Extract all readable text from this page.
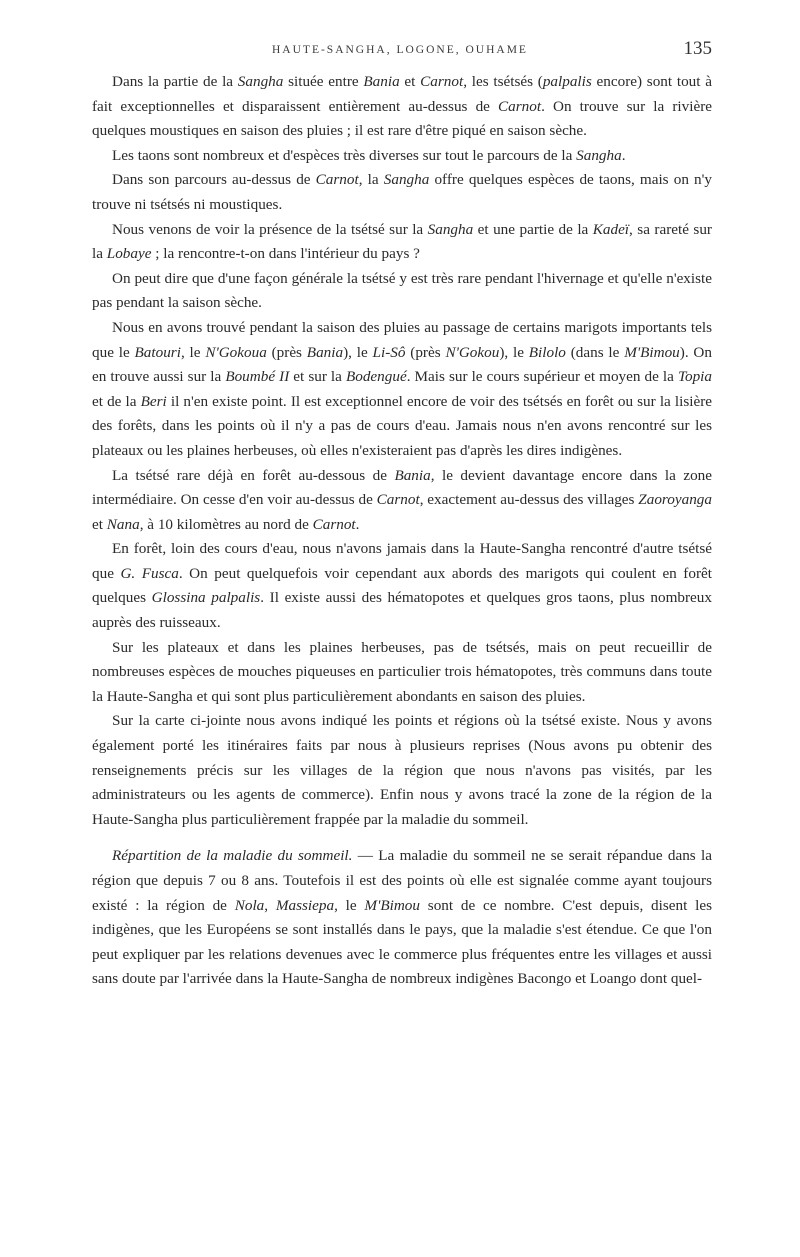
HAUTE-SANGHA, LOGONE, OUHAME	135

Dans la partie de la Sangha située entre Bania et Carnot, les tsétsés (palpalis encore) sont tout à fait exceptionnelles et disparaissent entièrement au-dessus de Carnot. On trouve sur la rivière quelques moustiques en saison des pluies ; il est rare d'être piqué en saison sèche.

Les taons sont nombreux et d'espèces très diverses sur tout le parcours de la Sangha.

Dans son parcours au-dessus de Carnot, la Sangha offre quelques espèces de taons, mais on n'y trouve ni tsétsés ni moustiques.

Nous venons de voir la présence de la tsétsé sur la Sangha et une partie de la Kadeï, sa rareté sur la Lobaye ; la rencontre-t-on dans l'intérieur du pays ?

On peut dire que d'une façon générale la tsétsé y est très rare pendant l'hivernage et qu'elle n'existe pas pendant la saison sèche.

Nous en avons trouvé pendant la saison des pluies au passage de certains marigots importants tels que le Batouri, le N'Gokoua (près Bania), le Li-Sô (près N'Gokou), le Bilolo (dans le M'Bimou). On en trouve aussi sur la Boumbé II et sur la Bodengué. Mais sur le cours supérieur et moyen de la Topia et de la Beri il n'en existe point. Il est exceptionnel encore de voir des tsétsés en forêt ou sur la lisière des forêts, dans les points où il n'y a pas de cours d'eau. Jamais nous n'en avons rencontré sur les plateaux ou les plaines herbeuses, où elles n'existeraient pas d'après les dires indigènes.

La tsétsé rare déjà en forêt au-dessous de Bania, le devient davantage encore dans la zone intermédiaire. On cesse d'en voir au-dessus de Carnot, exactement au-dessus des villages Zaoroyanga et Nana, à 10 kilomètres au nord de Carnot.

En forêt, loin des cours d'eau, nous n'avons jamais dans la Haute-Sangha rencontré d'autre tsétsé que G. Fusca. On peut quelquefois voir cependant aux abords des marigots qui coulent en forêt quelques Glossina palpalis. Il existe aussi des hématopotes et quelques gros taons, plus nombreux auprès des ruisseaux.

Sur les plateaux et dans les plaines herbeuses, pas de tsétsés, mais on peut recueillir de nombreuses espèces de mouches piqueuses en particulier trois hématopotes, très communs dans toute la Haute-Sangha et qui sont plus particulièrement abondants en saison des pluies.

Sur la carte ci-jointe nous avons indiqué les points et régions où la tsétsé existe. Nous y avons également porté les itinéraires faits par nous à plusieurs reprises (Nous avons pu obtenir des renseignements précis sur les villages de la région que nous n'avons pas visités, par les administrateurs ou les agents de commerce). Enfin nous y avons tracé la zone de la région de la Haute-Sangha plus particulièrement frappée par la maladie du sommeil.

Répartition de la maladie du sommeil. — La maladie du sommeil ne se serait répandue dans la région que depuis 7 ou 8 ans. Toutefois il est des points où elle est signalée comme ayant toujours existé : la région de Nola, Massiepa, le M'Bimou sont de ce nombre. C'est depuis, disent les indigènes, que les Européens se sont installés dans le pays, que la maladie s'est étendue. Ce que l'on peut expliquer par les relations devenues avec le commerce plus fréquentes entre les villages et aussi sans doute par l'arrivée dans la Haute-Sangha de nombreux indigènes Bacongo et Loango dont quel-
